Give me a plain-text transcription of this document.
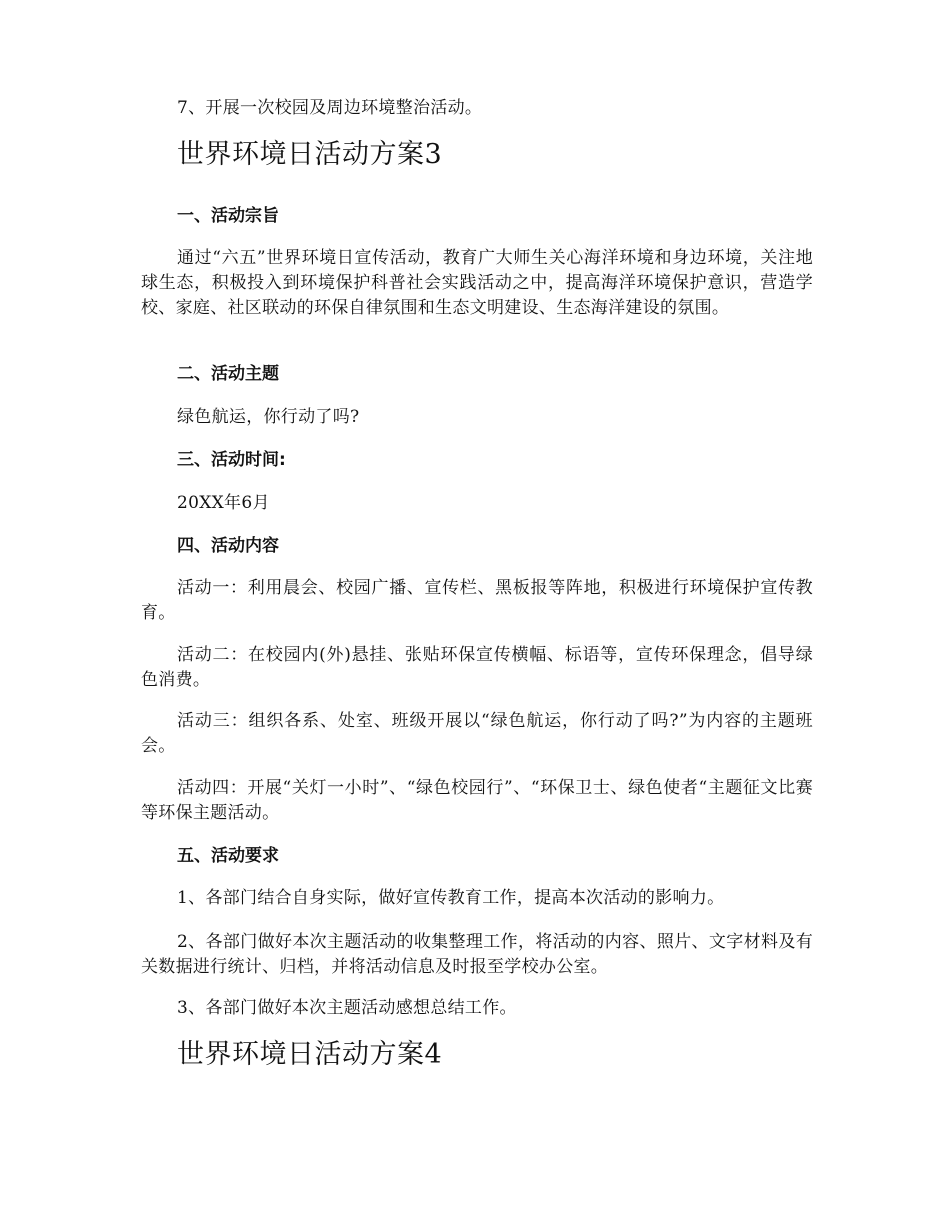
7、开展一次校园及周边环境整治活动。

世界环境日活动方案3

一、活动宗旨

通过“六五”世界环境日宣传活动，教育广大师生关心海洋环境和身边环境，关注地球生态，积极投入到环境保护科普社会实践活动之中，提高海洋环境保护意识，营造学校、家庭、社区联动的环保自律氛围和生态文明建设、生态海洋建设的氛围。

二、活动主题

绿色航运，你行动了吗?

三、活动时间:

20XX年6月

四、活动内容

活动一：利用晨会、校园广播、宣传栏、黑板报等阵地，积极进行环境保护宣传教育。

活动二：在校园内(外)悬挂、张贴环保宣传横幅、标语等，宣传环保理念，倡导绿色消费。

活动三：组织各系、处室、班级开展以“绿色航运，你行动了吗?”为内容的主题班会。

活动四：开展“关灯一小时”、“绿色校园行”、“环保卫士、绿色使者“主题征文比赛等环保主题活动。

五、活动要求

1、各部门结合自身实际，做好宣传教育工作，提高本次活动的影响力。

2、各部门做好本次主题活动的收集整理工作，将活动的内容、照片、文字材料及有关数据进行统计、归档，并将活动信息及时报至学校办公室。

3、各部门做好本次主题活动感想总结工作。

世界环境日活动方案4
